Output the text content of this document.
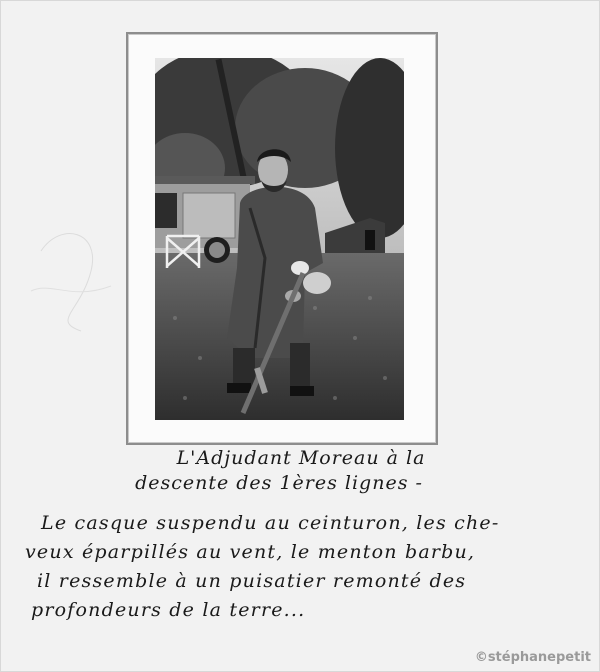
L'Adjudant Moreau à la
descente des 1ères lignes -
Le casque suspendu au ceinturon, les che-
veux éparpillés au vent, le menton barbu,
il ressemble à un puisatier remonté des
profondeurs de la terre...
©stéphanepetit
